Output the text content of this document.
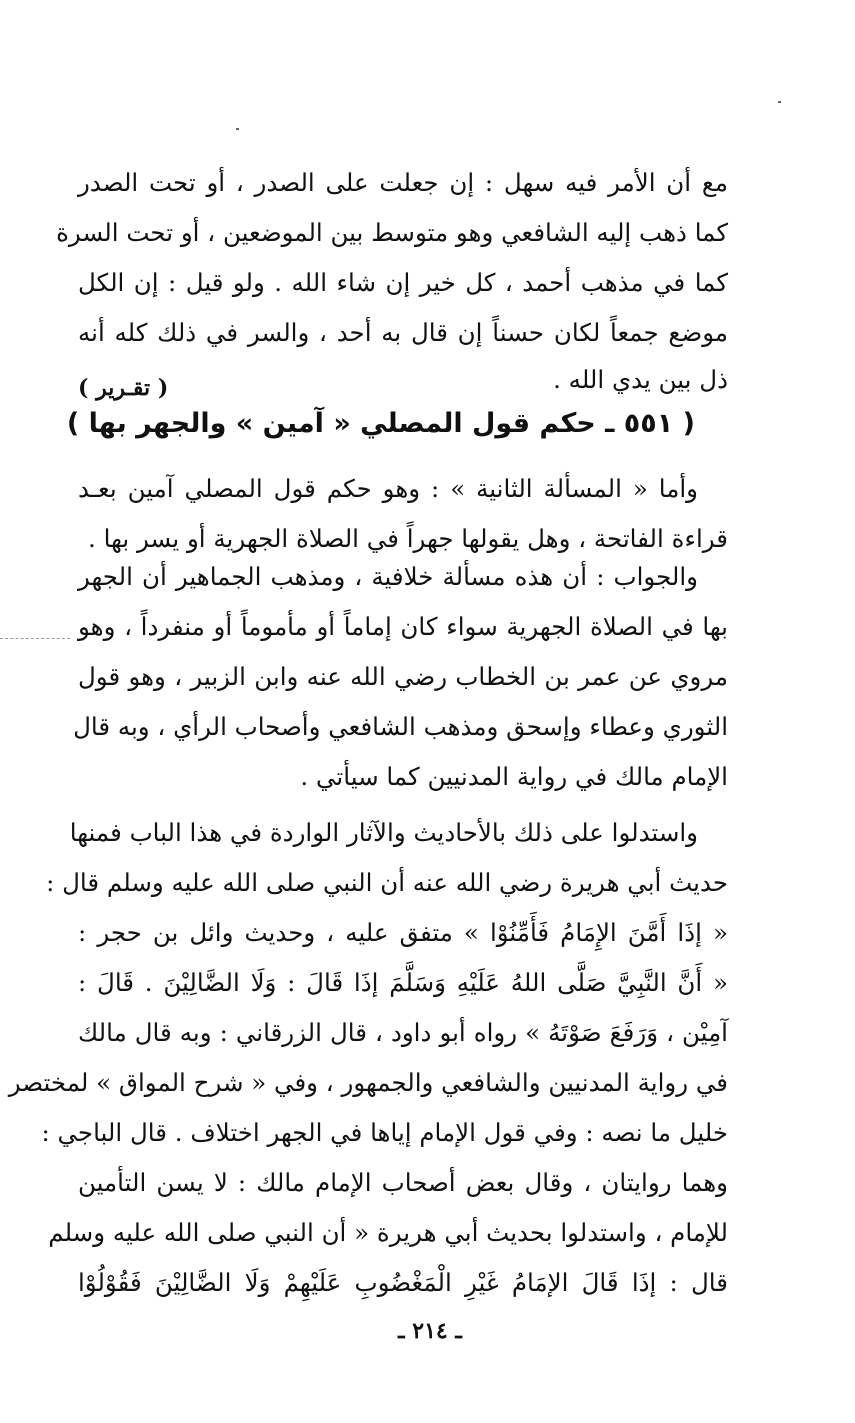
مع أن الأمر فيه سهل : إن جعلت على الصدر ، أو تحت الصدر
كما ذهب إليه الشافعي وهو متوسط بين الموضعين ، أو تحت السرة
كما في مذهب أحمد ، كل خير إن شاء الله . ولو قيل : إن الكل
موضع جمعاً لكان حسناً إن قال به أحد ، والسر في ذلك كله أنه
ذل بين يدي الله .
( تقـرير )
( ٥٥١ ـ حكم قول المصلي « آمين » والجهر بها )
وأما « المسألة الثانية » : وهو حكم قول المصلي آمين بعـد
قراءة الفاتحة ، وهل يقولها جهراً في الصلاة الجهرية أو يسر بها .
والجواب : أن هذه مسألة خلافية ، ومذهب الجماهير أن الجهر
بها في الصلاة الجهرية سواء كان إماماً أو مأموماً أو منفرداً ، وهو
مروي عن عمر بن الخطاب رضي الله عنه وابن الزبير ، وهو قول
الثوري وعطاء وإسحق ومذهب الشافعي وأصحاب الرأي ، وبه قال
الإمام مالك في رواية المدنيين كما سيأتي .
واستدلوا على ذلك بالأحاديث والآثار الواردة في هذا الباب فمنها
حديث أبي هريرة رضي الله عنه أن النبي صلى الله عليه وسلم قال :
« إذَا أَمَّنَ الإِمَامُ فَأَمِّنُوْا » متفق عليه ، وحديث وائل بن حجر :
« أَنَّ النَّبِيَّ صَلَّى اللهُ عَلَيْهِ وَسَلَّمَ إذَا قَالَ : وَلَا الضَّالِيْنَ . قَالَ :
آمِيْن ، وَرَفَعَ صَوْتَهُ » رواه أبو داود ، قال الزرقاني : وبه قال مالك
في رواية المدنيين والشافعي والجمهور ، وفي « شرح المواق » لمختصر
خليل ما نصه : وفي قول الإمام إياها في الجهر اختلاف . قال الباجي :
وهما روايتان ، وقال بعض أصحاب الإمام مالك : لا يسن التأمين
للإمام ، واستدلوا بحديث أبي هريرة « أن النبي صلى الله عليه وسلم
قال : إذَا قَالَ الإمَامُ غَيْرِ الْمَغْضُوبِ عَلَيْهِمْ وَلَا الضَّالِيْنَ فَقُوْلُوْا
ـ ٢١٤ ـ
